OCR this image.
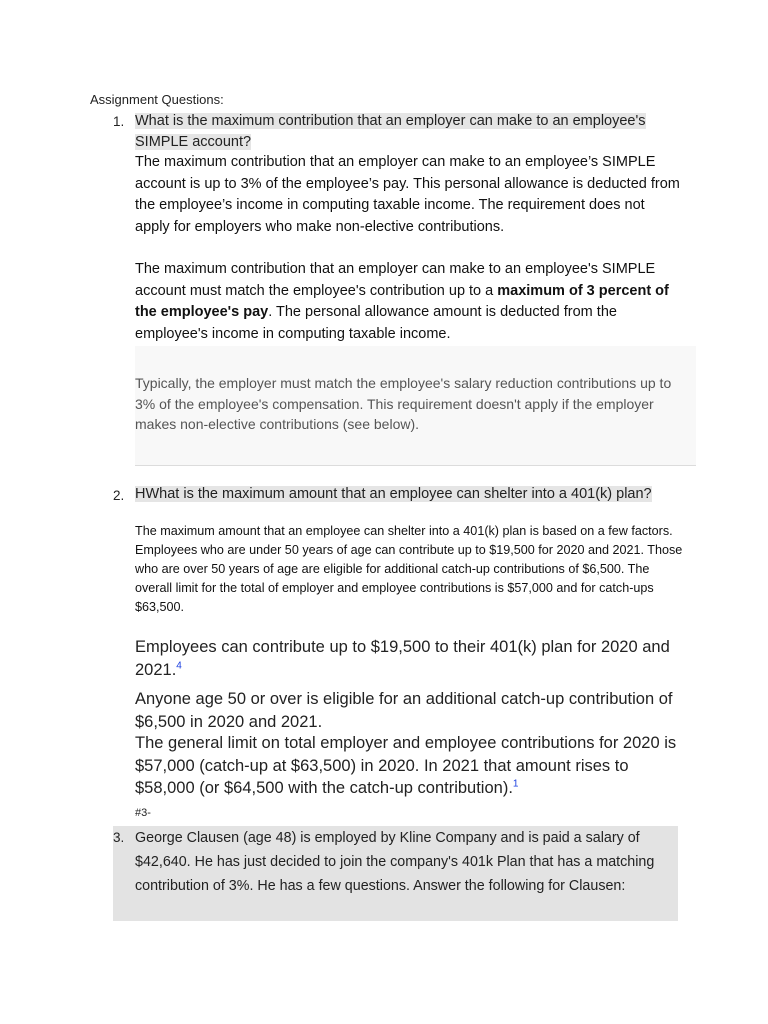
Assignment Questions:
1. What is the maximum contribution that an employer can make to an employee's
SIMPLE account?
The maximum contribution that an employer can make to an employee’s SIMPLE account is up to 3% of the employee’s pay. This personal allowance is deducted from the employee’s income in computing taxable income. The requirement does not apply for employers who make non-elective contributions.
The maximum contribution that an employer can make to an employee's SIMPLE account must match the employee's contribution up to a maximum of 3 percent of the employee's pay. The personal allowance amount is deducted from the employee's income in computing taxable income.

Typically, the employer must match the employee's salary reduction contributions up to 3% of the employee's compensation. This requirement doesn't apply if the employer makes non-elective contributions (see below).

2. HWhat is the maximum amount that an employee can shelter into a 401(k) plan?
The maximum amount that an employee can shelter into a 401(k) plan is based on a few factors. Employees who are under 50 years of age can contribute up to $19,500 for 2020 and 2021. Those who are over 50 years of age are eligible for additional catch-up contributions of $6,500. The overall limit for the total of employer and employee contributions is $57,000 and for catch-ups $63,500.
Employees can contribute up to $19,500 to their 401(k) plan for 2020 and 2021.$^4$
Anyone age 50 or over is eligible for an additional catch-up contribution of $6,500 in 2020 and 2021.
The general limit on total employer and employee contributions for 2020 is $57,000 (catch-up at $63,500) in 2020. In 2021 that amount rises to $58,000 (or $64,500 with the catch-up contribution).$^1$
#3-
3. George Clausen (age 48) is employed by Kline Company and is paid a salary of $42,640. He has just decided to join the company's 401k Plan that has a matching contribution of 3%. He has a few questions. Answer the following for Clausen:
